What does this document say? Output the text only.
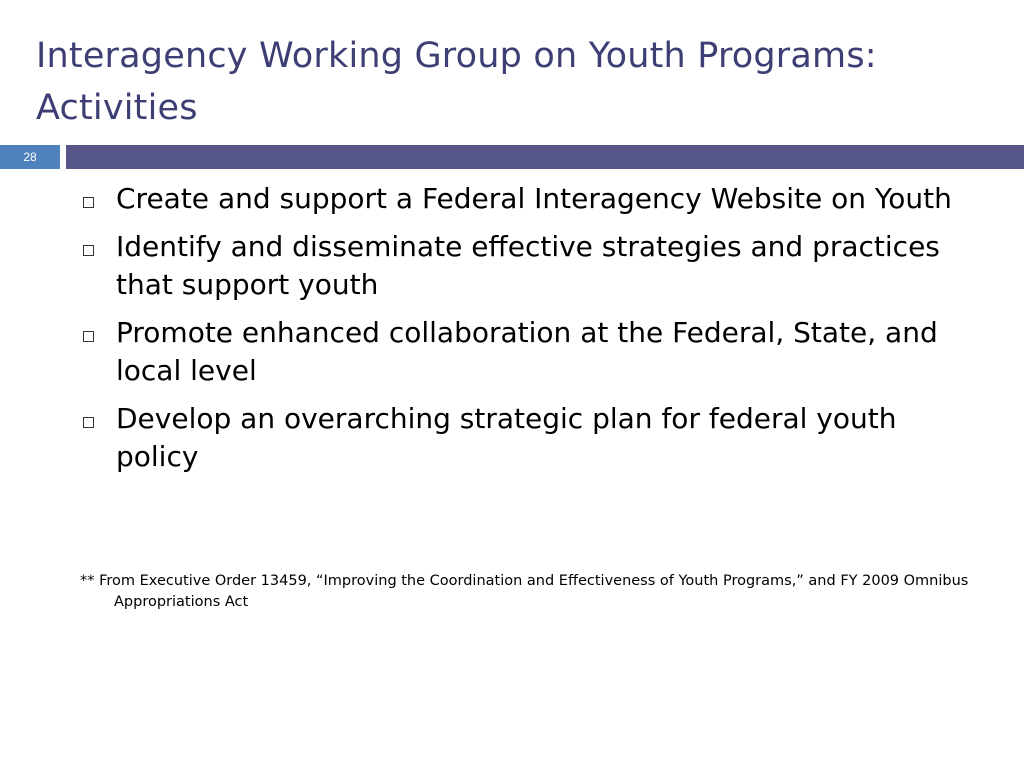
Interagency Working Group on Youth Programs: Activities
28
Create and support a Federal Interagency Website on Youth
Identify and disseminate effective strategies and practices that support youth
Promote enhanced collaboration at the Federal, State, and local level
Develop an overarching strategic plan for federal youth policy

** From Executive Order 13459, “Improving the Coordination and Effectiveness of Youth Programs,” and FY 2009 Omnibus Appropriations Act
